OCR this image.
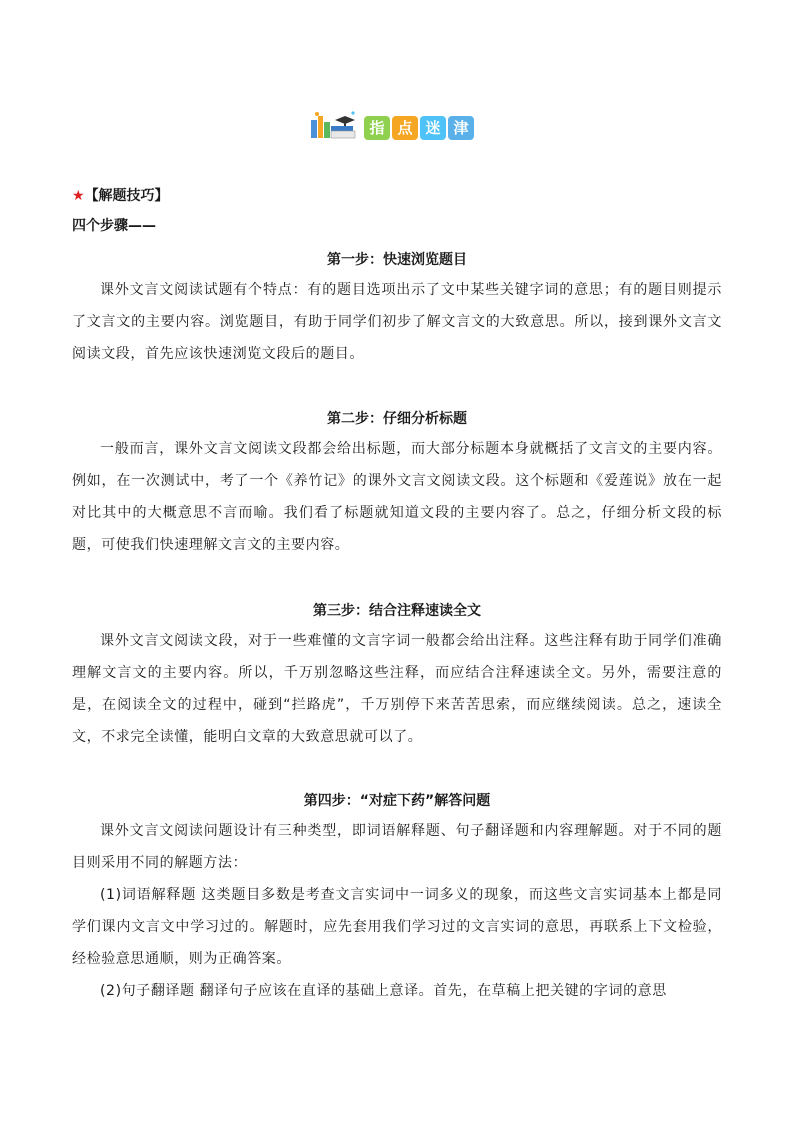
指 点 迷 津
★【解题技巧】
四个步骤——
第一步：快速浏览题目

课外文言文阅读试题有个特点：有的题目选项出示了文中某些关键字词的意思；有的题目则提示了文言文的主要内容。浏览题目，有助于同学们初步了解文言文的大致意思。所以，接到课外文言文阅读文段，首先应该快速浏览文段后的题目。

第二步：仔细分析标题

一般而言，课外文言文阅读文段都会给出标题，而大部分标题本身就概括了文言文的主要内容。例如，在一次测试中，考了一个《养竹记》的课外文言文阅读文段。这个标题和《爱莲说》放在一起对比其中的大概意思不言而喻。我们看了标题就知道文段的主要内容了。总之，仔细分析文段的标题，可使我们快速理解文言文的主要内容。

第三步：结合注释速读全文

课外文言文阅读文段，对于一些难懂的文言字词一般都会给出注释。这些注释有助于同学们准确理解文言文的主要内容。所以，千万别忽略这些注释，而应结合注释速读全文。另外，需要注意的是，在阅读全文的过程中，碰到“拦路虎”，千万别停下来苦苦思索，而应继续阅读。总之，速读全文，不求完全读懂，能明白文章的大致意思就可以了。

第四步：“对症下药”解答问题

课外文言文阅读问题设计有三种类型，即词语解释题、句子翻译题和内容理解题。对于不同的题目则采用不同的解题方法：

(1)词语解释题 这类题目多数是考查文言实词中一词多义的现象，而这些文言实词基本上都是同学们课内文言文中学习过的。解题时，应先套用我们学习过的文言实词的意思，再联系上下文检验，经检验意思通顺，则为正确答案。

(2)句子翻译题 翻译句子应该在直译的基础上意译。首先，在草稿上把关键的字词的意思
